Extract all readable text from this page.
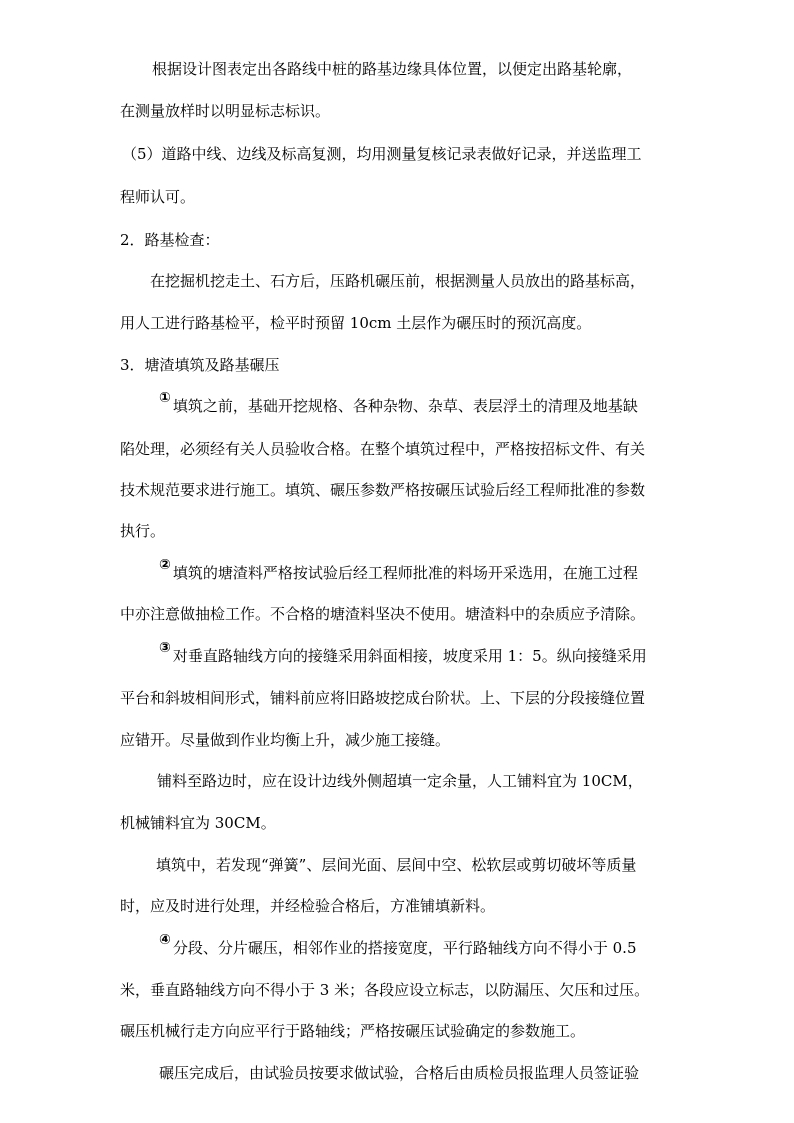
根据设计图表定出各路线中桩的路基边缘具体位置，以便定出路基轮廓，
在测量放样时以明显标志标识。
（5）道路中线、边线及标高复测，均用测量复核记录表做好记录，并送监理工
程师认可。
2．路基检查：
在挖掘机挖走土、石方后，压路机碾压前，根据测量人员放出的路基标高，
用人工进行路基检平，检平时预留 10cm 土层作为碾压时的预沉高度。
3．塘渣填筑及路基碾压
① 填筑之前，基础开挖规格、各种杂物、杂草、表层浮土的清理及地基缺
陷处理，必须经有关人员验收合格。在整个填筑过程中，严格按招标文件、有关
技术规范要求进行施工。填筑、碾压参数严格按碾压试验后经工程师批准的参数
执行。
② 填筑的塘渣料严格按试验后经工程师批准的料场开采选用，在施工过程
中亦注意做抽检工作。不合格的塘渣料坚决不使用。塘渣料中的杂质应予清除。
③ 对垂直路轴线方向的接缝采用斜面相接，坡度采用 1：5。纵向接缝采用
平台和斜坡相间形式，铺料前应将旧路坡挖成台阶状。上、下层的分段接缝位置
应错开。尽量做到作业均衡上升，减少施工接缝。
铺料至路边时，应在设计边线外侧超填一定余量，人工铺料宜为 10CM，
机械铺料宜为 30CM。
填筑中，若发现“弹簧”、层间光面、层间中空、松软层或剪切破坏等质量
时，应及时进行处理，并经检验合格后，方准铺填新料。
④ 分段、分片碾压，相邻作业的搭接宽度，平行路轴线方向不得小于 0.5
米，垂直路轴线方向不得小于 3 米；各段应设立标志，以防漏压、欠压和过压。
碾压机械行走方向应平行于路轴线；严格按碾压试验确定的参数施工。
碾压完成后，由试验员按要求做试验，合格后由质检员报监理人员签证验
